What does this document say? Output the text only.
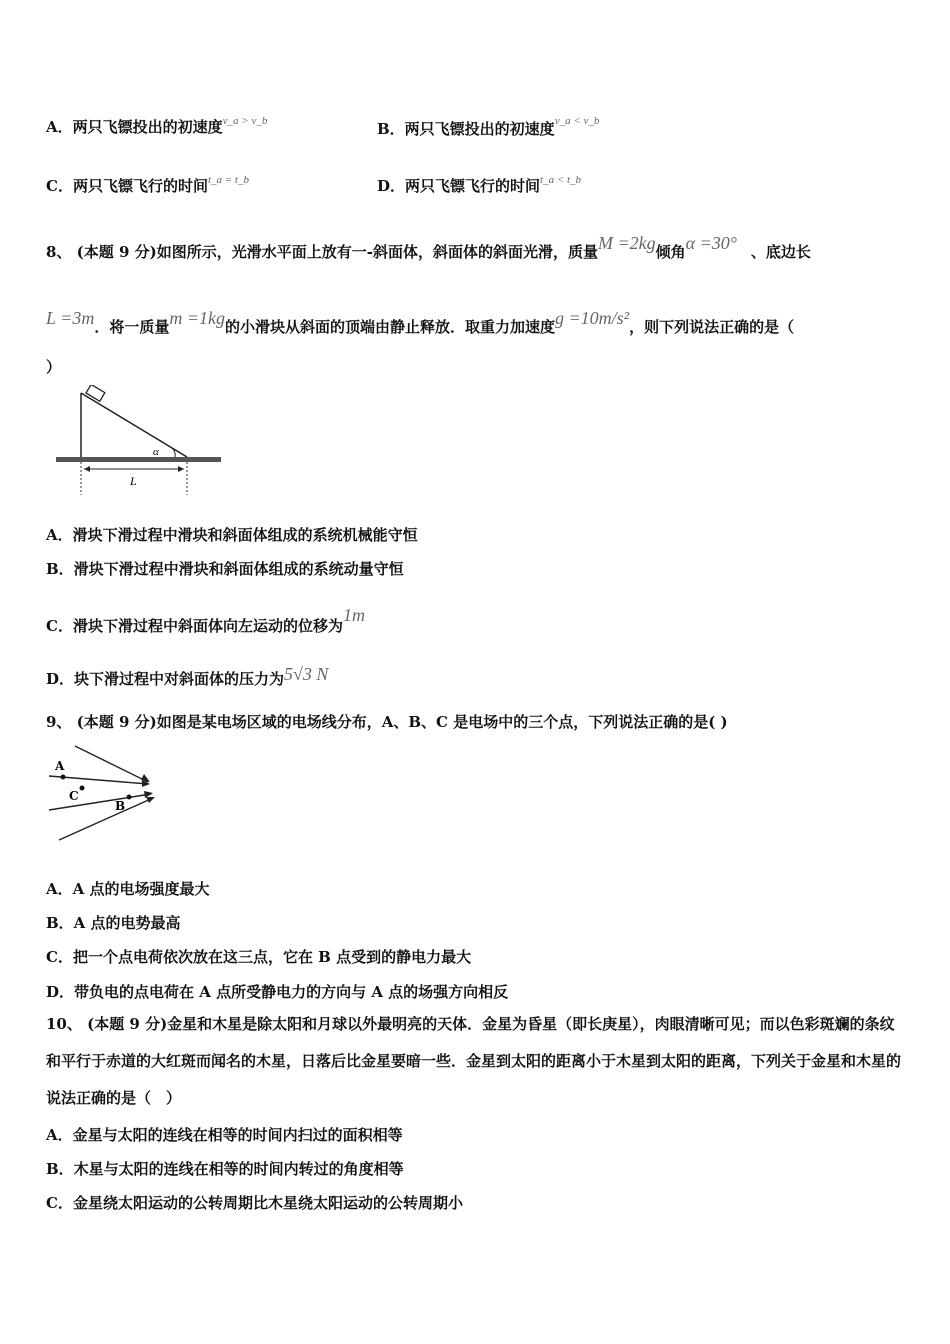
A．两只飞镖投出的初速度$^{v\_a > v\_b}$	B．两只飞镖投出的初速度$^{v\_a < v\_b}$
C．两只飞镖飞行的时间$^{t\_a = t\_b}$	D．两只飞镖飞行的时间$^{t\_a < t\_b}$
8、 (本题 9 分)如图所示，光滑水平面上放有一-斜面体，斜面体的斜面光滑，质量M =2kg倾角α =30° 、底边长
L =3m．将一质量m =1kg的小滑块从斜面的顶端由静止释放．取重力加速度g =10m/s²，则下列说法正确的是（
）
α
L
A．滑块下滑过程中滑块和斜面体组成的系统机械能守恒
B．滑块下滑过程中滑块和斜面体组成的系统动量守恒
C．滑块下滑过程中斜面体向左运动的位移为1m
D．块下滑过程中对斜面体的压力为5√3 N
9、 (本题 9 分)如图是某电场区域的电场线分布，A、B、C 是电场中的三个点，下列说法正确的是( )
A
C
B
A．A 点的电场强度最大
B．A 点的电势最高
C．把一个点电荷依次放在这三点，它在 B 点受到的静电力最大
D．带负电的点电荷在 A 点所受静电力的方向与 A 点的场强方向相反
10、 (本题 9 分)金星和木星是除太阳和月球以外最明亮的天体．金星为昏星（即长庚星），肉眼清晰可见；而以色彩斑斓的条纹和平行于赤道的大红斑而闻名的木星，日落后比金星要暗一些．金星到太阳的距离小于木星到太阳的距离，下列关于金星和木星的说法正确的是（　）
A．金星与太阳的连线在相等的时间内扫过的面积相等
B．木星与太阳的连线在相等的时间内转过的角度相等
C．金星绕太阳运动的公转周期比木星绕太阳运动的公转周期小
